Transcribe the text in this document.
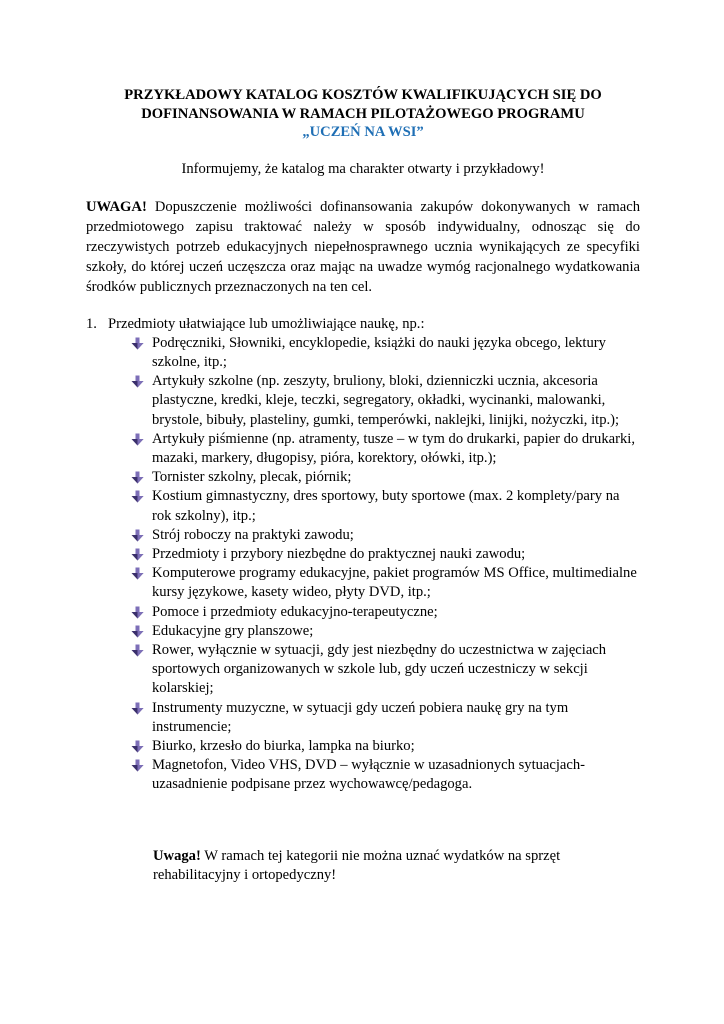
PRZYKŁADOWY KATALOG KOSZTÓW KWALIFIKUJĄCYCH SIĘ DO
DOFINANSOWANIA W RAMACH PILOTAŻOWEGO PROGRAMU
„UCZEŃ NA WSI”

Informujemy, że katalog ma charakter otwarty i przykładowy!

UWAGA! Dopuszczenie możliwości dofinansowania zakupów dokonywanych w ramach przedmiotowego zapisu traktować należy w sposób indywidualny, odnosząc się do rzeczywistych potrzeb edukacyjnych niepełnosprawnego ucznia wynikających ze specyfiki szkoły, do której uczeń uczęszcza oraz mając na uwadze wymóg racjonalnego wydatkowania środków publicznych przeznaczonych na ten cel.

1. Przedmioty ułatwiające lub umożliwiające naukę, np.:
Podręczniki, Słowniki, encyklopedie, książki do nauki języka obcego, lektury szkolne, itp.;
Artykuły szkolne (np. zeszyty, bruliony, bloki, dzienniczki ucznia, akcesoria plastyczne, kredki, kleje, teczki, segregatory, okładki, wycinanki, malowanki, brystole, bibuły, plasteliny, gumki, temperówki, naklejki, linijki, nożyczki, itp.);
Artykuły piśmienne (np. atramenty, tusze – w tym do drukarki, papier do drukarki, mazaki, markery, długopisy, pióra, korektory, ołówki, itp.);
Tornister szkolny, plecak, piórnik;
Kostium gimnastyczny, dres sportowy, buty sportowe (max. 2 komplety/pary na rok szkolny), itp.;
Strój roboczy na praktyki zawodu;
Przedmioty i przybory niezbędne do praktycznej nauki zawodu;
Komputerowe programy edukacyjne, pakiet programów MS Office, multimedialne kursy językowe, kasety wideo, płyty DVD, itp.;
Pomoce i przedmioty edukacyjno-terapeutyczne;
Edukacyjne gry planszowe;
Rower, wyłącznie w sytuacji, gdy jest niezbędny do uczestnictwa w zajęciach sportowych organizowanych w szkole lub, gdy uczeń uczestniczy w sekcji kolarskiej;
Instrumenty muzyczne, w sytuacji gdy uczeń pobiera naukę gry na tym instrumencie;
Biurko, krzesło do biurka, lampka na biurko;
Magnetofon, Video VHS, DVD – wyłącznie w uzasadnionych sytuacjach-uzasadnienie podpisane przez wychowawcę/pedagoga.

Uwaga! W ramach tej kategorii nie można uznać wydatków na sprzęt rehabilitacyjny i ortopedyczny!
